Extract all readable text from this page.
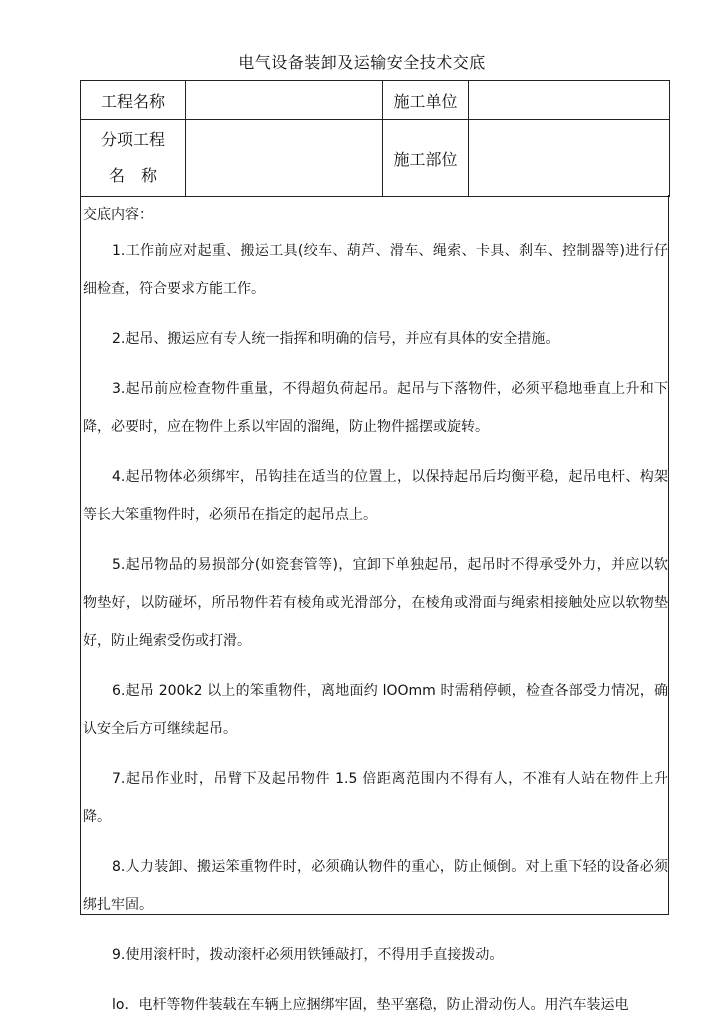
电气设备装卸及运输安全技术交底
工程名称		施工单位	

分项工程
名　称		施工部位	
交底内容：
1.工作前应对起重、搬运工具(绞车、葫芦、滑车、绳索、卡具、刹车、控制器等)进行仔细检查，符合要求方能工作。
2.起吊、搬运应有专人统一指挥和明确的信号，并应有具体的安全措施。
3.起吊前应检查物件重量，不得超负荷起吊。起吊与下落物件，必须平稳地垂直上升和下降，必要时，应在物件上系以牢固的溜绳，防止物件摇摆或旋转。
4.起吊物体必须绑牢，吊钩挂在适当的位置上，以保持起吊后均衡平稳，起吊电杆、构架等长大笨重物件时，必须吊在指定的起吊点上。
5.起吊物品的易损部分(如瓷套管等)，宜卸下单独起吊，起吊时不得承受外力，并应以软物垫好，以防碰坏，所吊物件若有棱角或光滑部分，在棱角或滑面与绳索相接触处应以软物垫好，防止绳索受伤或打滑。
6.起吊 200k2 以上的笨重物件，离地面约 lOOmm 时需稍停顿，检查各部受力情况，确认安全后方可继续起吊。
7.起吊作业时，吊臂下及起吊物件 1.5 倍距离范围内不得有人，不准有人站在物件上升降。
8.人力装卸、搬运笨重物件时，必须确认物件的重心，防止倾倒。对上重下轻的设备必须绑扎牢固。
9.使用滚杆时，拨动滚杆必须用铁锤敲打，不得用手直接拨动。
lo．电杆等物件装载在车辆上应捆绑牢固，垫平塞稳，防止滑动伤人。用汽车装运电
